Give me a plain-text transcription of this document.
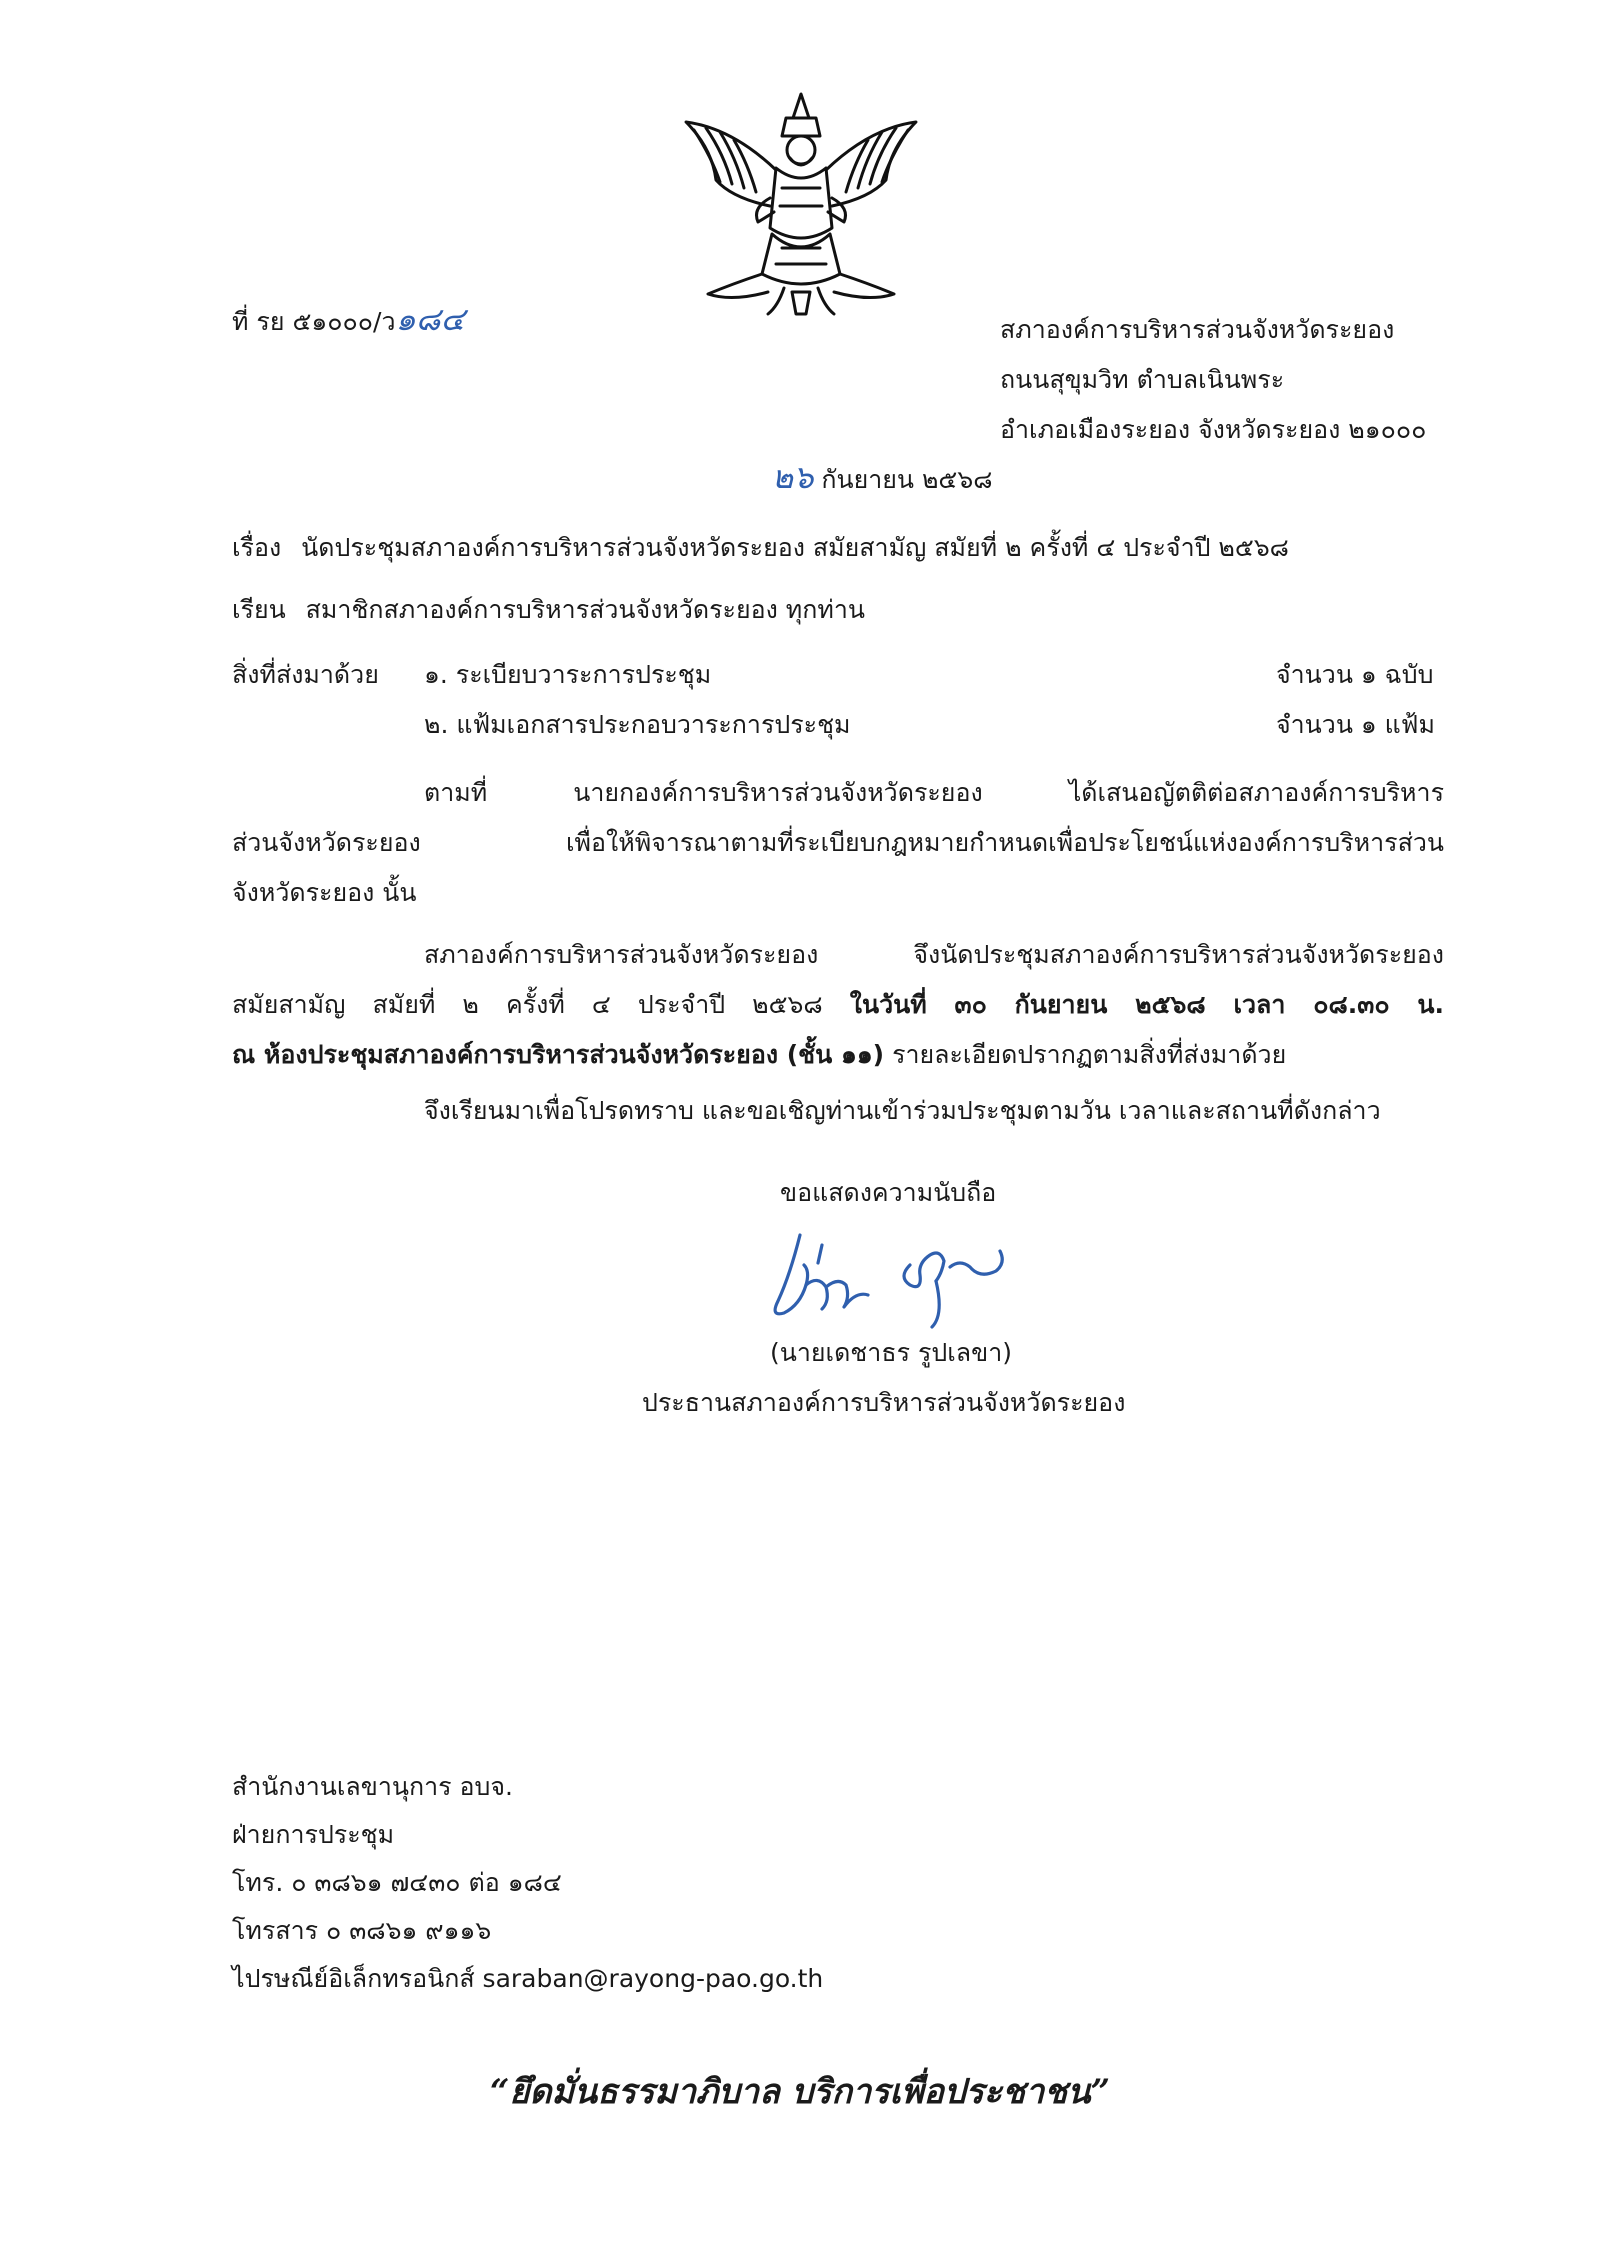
ที่ รย ๕๑๐๐๐/ว๑๘๔	สภาองค์การบริหารส่วนจังหวัดระยอง
ถนนสุขุมวิท ตำบลเนินพระ
อำเภอเมืองระยอง จังหวัดระยอง ๒๑๐๐๐
๒๖ กันยายน ๒๕๖๘
เรื่อง นัดประชุมสภาองค์การบริหารส่วนจังหวัดระยอง สมัยสามัญ สมัยที่ ๒ ครั้งที่ ๔ ประจำปี ๒๕๖๘
เรียน สมาชิกสภาองค์การบริหารส่วนจังหวัดระยอง ทุกท่าน
สิ่งที่ส่งมาด้วย ๑. ระเบียบวาระการประชุม	จำนวน ๑ ฉบับ
๒. แฟ้มเอกสารประกอบวาระการประชุม	จำนวน ๑ แฟ้ม

ตามที่ นายกองค์การบริหารส่วนจังหวัดระยอง ได้เสนอญัตติต่อสภาองค์การบริหาร

ส่วนจังหวัดระยอง เพื่อให้พิจารณาตามที่ระเบียบกฎหมายกำหนดเพื่อประโยชน์แห่งองค์การบริหารส่วน

จังหวัดระยอง นั้น

สภาองค์การบริหารส่วนจังหวัดระยอง จึงนัดประชุมสภาองค์การบริหารส่วนจังหวัดระยอง

สมัยสามัญ สมัยที่ ๒ ครั้งที่ ๔ ประจำปี ๒๕๖๘ ในวันที่ ๓๐ กันยายน ๒๕๖๘ เวลา ๐๘.๓๐ น.

ณ ห้องประชุมสภาองค์การบริหารส่วนจังหวัดระยอง (ชั้น ๑๑) รายละเอียดปรากฏตามสิ่งที่ส่งมาด้วย

จึงเรียนมาเพื่อโปรดทราบ และขอเชิญท่านเข้าร่วมประชุมตามวัน เวลาและสถานที่ดังกล่าว
ขอแสดงความนับถือ
(นายเดชาธร รูปเลขา)
ประธานสภาองค์การบริหารส่วนจังหวัดระยอง
สำนักงานเลขานุการ อบจ.
ฝ่ายการประชุม
โทร. ๐ ๓๘๖๑ ๗๔๓๐ ต่อ ๑๘๔
โทรสาร ๐ ๓๘๖๑ ๙๑๑๖
ไปรษณีย์อิเล็กทรอนิกส์ saraban@rayong-pao.go.th
“ยึดมั่นธรรมาภิบาล บริการเพื่อประชาชน”
